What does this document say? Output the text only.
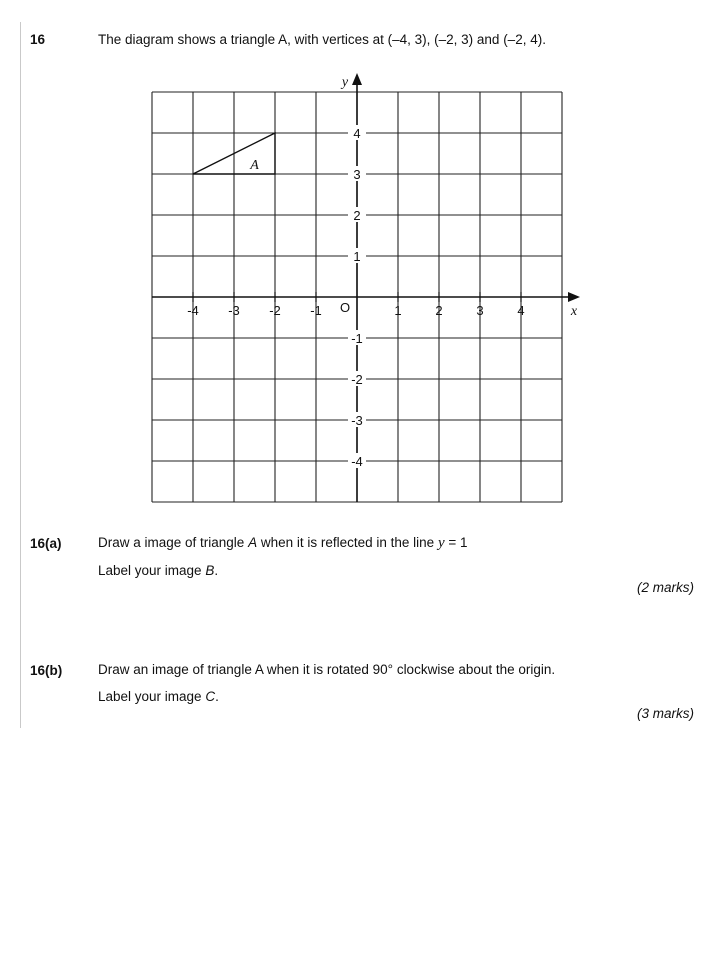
16	The diagram shows a triangle A, with vertices at (–4, 3), (–2, 3) and (–2, 4).
-4 -3 -2 -1	1	2	3	4
4
3
2
1
-1
-2
-3
-4
O	x
y
A
16(a)	Draw a image of triangle A when it is reflected in the line y = 1
Label your image B.
(2 marks)
16(b)	Draw an image of triangle A when it is rotated 90° clockwise about the origin.
Label your image C.
(3 marks)
